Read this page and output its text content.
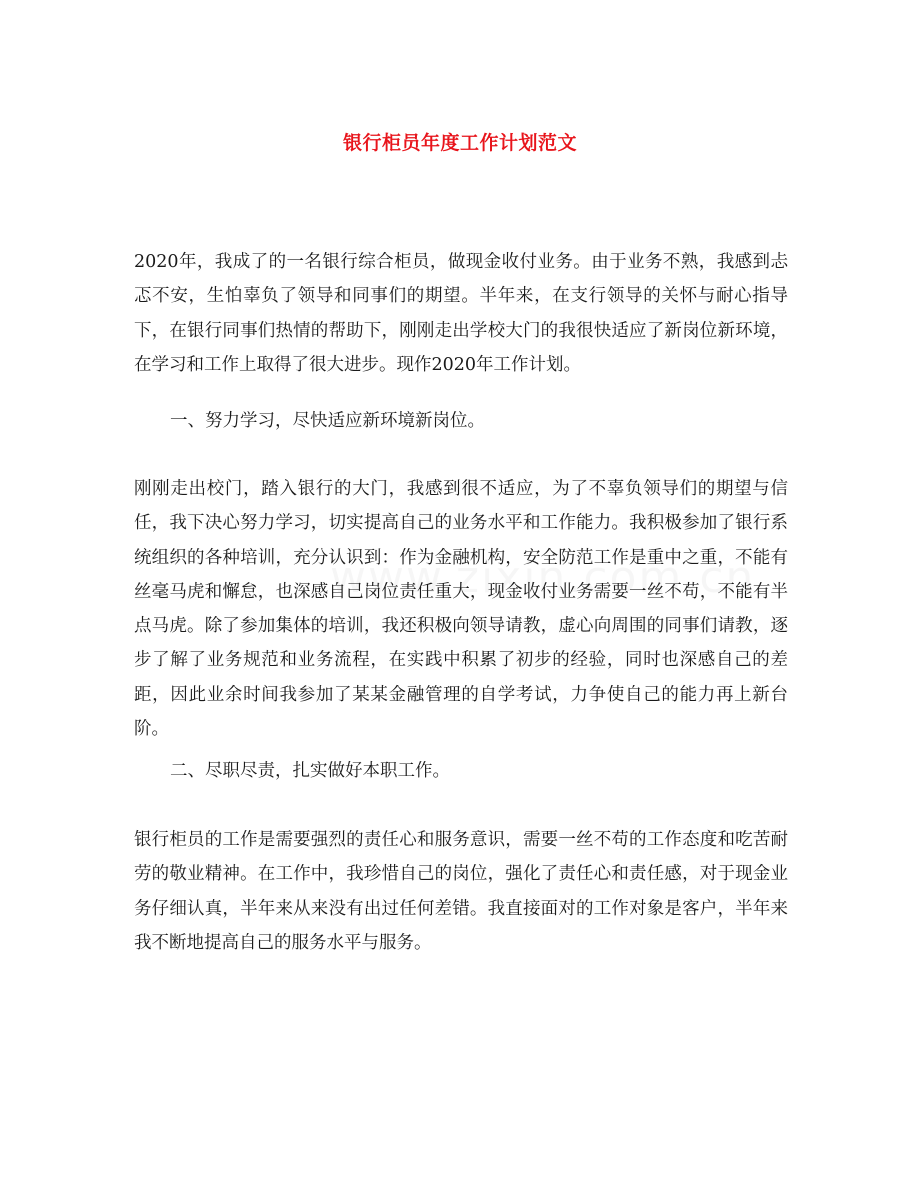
银行柜员年度工作计划范文
2020年，我成了的一名银行综合柜员，做现金收付业务。由于业务不熟，我感到忐忑不安，生怕辜负了领导和同事们的期望。半年来，在支行领导的关怀与耐心指导下，在银行同事们热情的帮助下，刚刚走出学校大门的我很快适应了新岗位新环境，在学习和工作上取得了很大进步。现作2020年工作计划。
一、努力学习，尽快适应新环境新岗位。
刚刚走出校门，踏入银行的大门，我感到很不适应，为了不辜负领导们的期望与信任，我下决心努力学习，切实提高自己的业务水平和工作能力。我积极参加了银行系统组织的各种培训，充分认识到：作为金融机构，安全防范工作是重中之重，不能有丝毫马虎和懈怠，也深感自己岗位责任重大，现金收付业务需要一丝不苟，不能有半点马虎。除了参加集体的培训，我还积极向领导请教，虚心向周围的同事们请教，逐步了解了业务规范和业务流程，在实践中积累了初步的经验，同时也深感自己的差距，因此业余时间我参加了某某金融管理的自学考试，力争使自己的能力再上新台阶。
二、尽职尽责，扎实做好本职工作。
银行柜员的工作是需要强烈的责任心和服务意识，需要一丝不苟的工作态度和吃苦耐劳的敬业精神。在工作中，我珍惜自己的岗位，强化了责任心和责任感，对于现金业务仔细认真，半年来从来没有出过任何差错。我直接面对的工作对象是客户，半年来我不断地提高自己的服务水平与服务。
